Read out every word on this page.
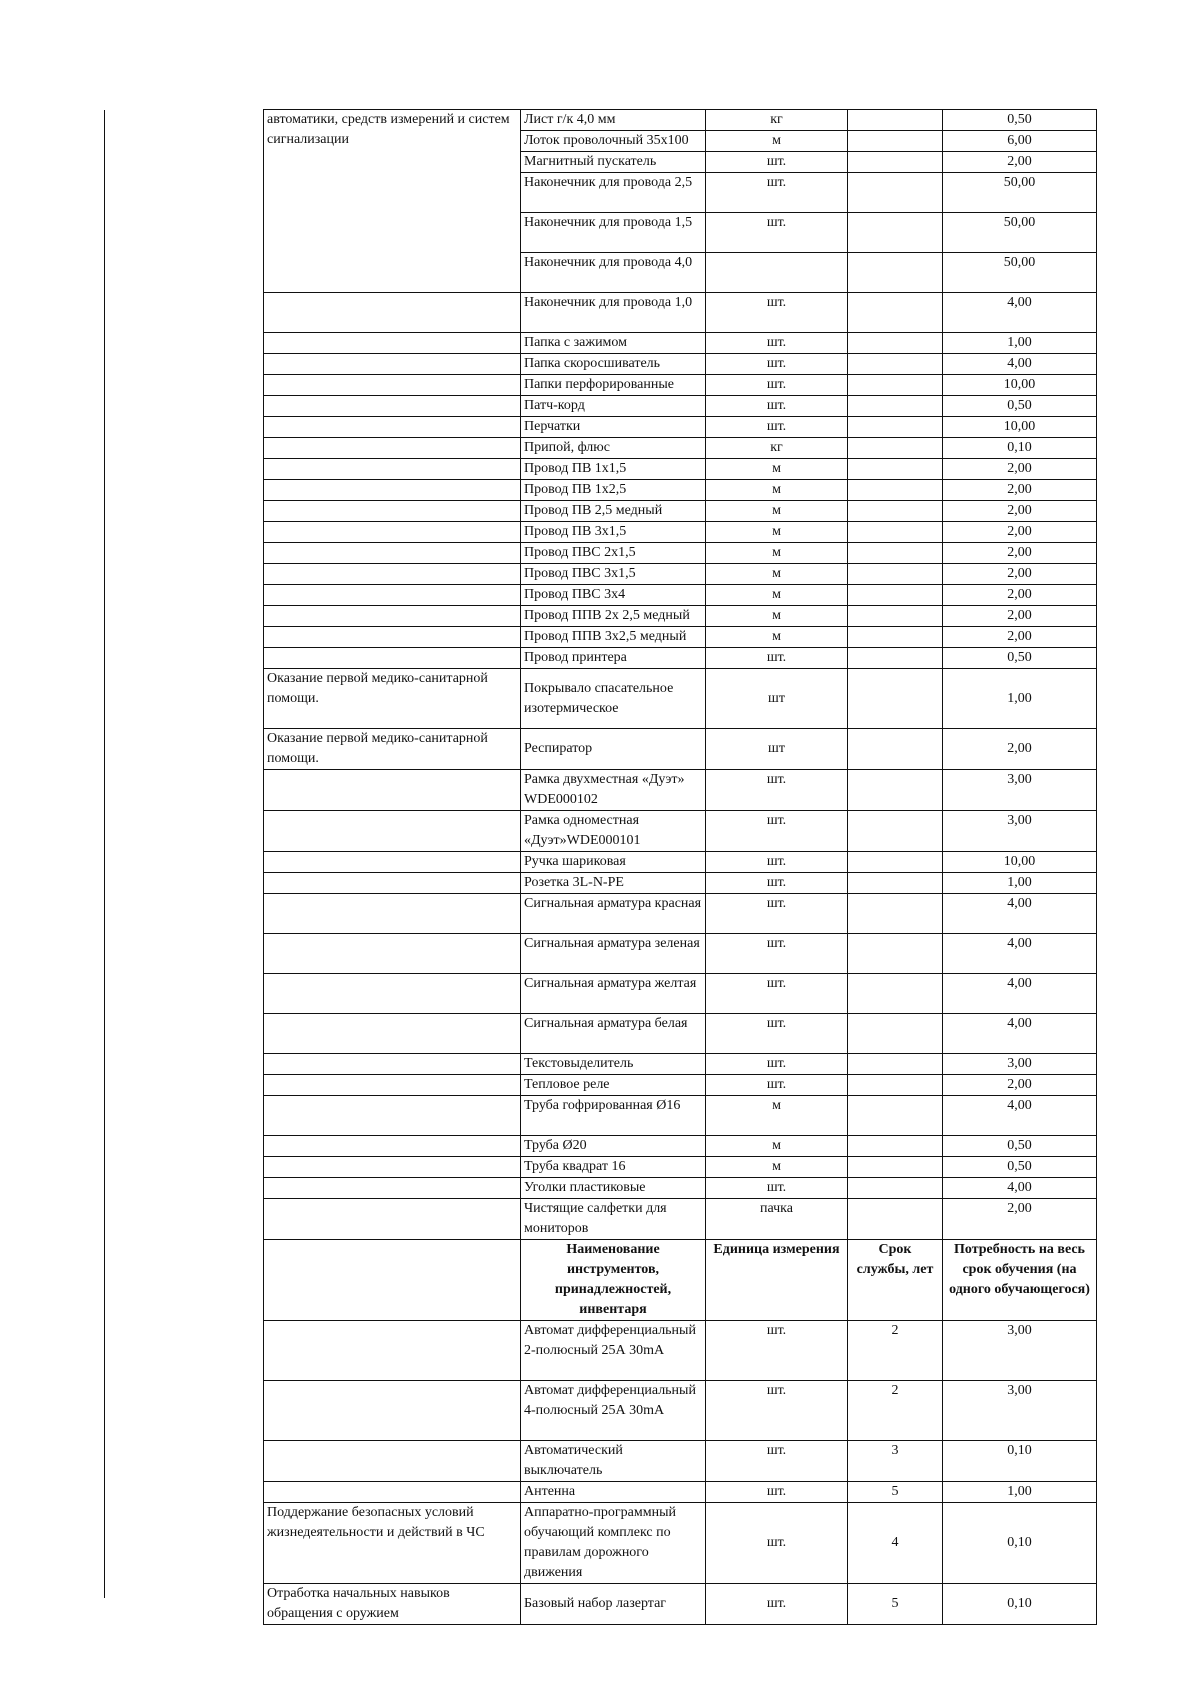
автоматики, средств измерений и систем сигнализации	Лист г/к 4,0 мм	кг		0,50
	Лоток проволочный 35х100	м		6,00
	Магнитный пускатель	шт.		2,00
	Наконечник для провода 2,5	шт.		50,00
	Наконечник для провода 1,5	шт.		50,00
	Наконечник для провода 4,0			50,00
	Наконечник для провода 1,0	шт.		4,00
	Папка с зажимом	шт.		1,00
	Папка скоросшиватель	шт.		4,00
	Папки перфорированные	шт.		10,00
	Патч-корд	шт.		0,50
	Перчатки	шт.		10,00
	Припой, флюс	кг		0,10
	Провод ПВ 1х1,5	м		2,00
	Провод ПВ 1х2,5	м		2,00
	Провод ПВ 2,5 медный	м		2,00
	Провод ПВ 3х1,5	м		2,00
	Провод ПВС 2х1,5	м		2,00
	Провод ПВС 3х1,5	м		2,00
	Провод ПВС 3х4	м		2,00
	Провод ППВ 2х 2,5 медный	м		2,00
	Провод ППВ 3х2,5 медный	м		2,00
	Провод принтера	шт.		0,50
Оказание первой медико-санитарной помощи.	Покрывало спасательное изотермическое	шт		1,00
Оказание первой медико-санитарной помощи.	Респиратор	шт		2,00
	Рамка двухместная «Дуэт» WDE000102	шт.		3,00
	Рамка одноместная «Дуэт»WDE000101	шт.		3,00
	Ручка шариковая	шт.		10,00
	Розетка 3L-N-PE	шт.		1,00
	Сигнальная арматура красная	шт.		4,00
	Сигнальная арматура зеленая	шт.		4,00
	Сигнальная арматура желтая	шт.		4,00
	Сигнальная арматура белая	шт.		4,00
	Текстовыделитель	шт.		3,00
	Тепловое реле	шт.		2,00
	Труба гофрированная Ø16	м		4,00
	Труба Ø20	м		0,50
	Труба квадрат 16	м		0,50
	Уголки пластиковые	шт.		4,00
	Чистящие салфетки для мониторов	пачка		2,00
	Наименование инструментов, принадлежностей, инвентаря	Единица измерения	Срок службы, лет	Потребность на весь срок обучения (на одного обучающегося)
	Автомат дифференциальный 2-полюсный 25А 30mA	шт.	2	3,00
	Автомат дифференциальный 4-полюсный 25А 30mA	шт.	2	3,00
	Автоматический выключатель	шт.	3	0,10
	Антенна	шт.	5	1,00
Поддержание безопасных условий жизнедеятельности и действий в ЧС	Аппаратно-программный обучающий комплекс по правилам дорожного движения	шт.	4	0,10
Отработка начальных навыков обращения с оружием	Базовый набор лазертаг	шт.	5	0,10
